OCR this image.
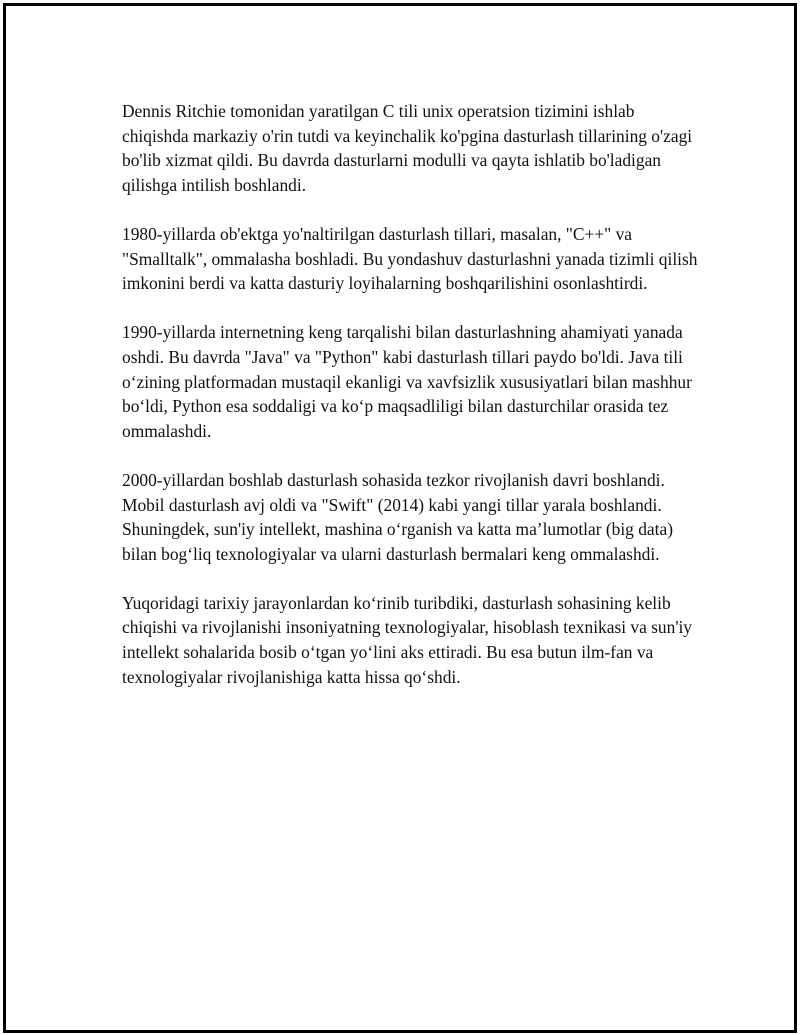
Dennis Ritchie tomonidan yaratilgan C tili unix operatsion tizimini ishlab chiqishda markaziy o'rin tutdi va keyinchalik ko'pgina dasturlash tillarining o'zagi bo'lib xizmat qildi. Bu davrda dasturlarni modulli va qayta ishlatib bo'ladigan qilishga intilish boshlandi.

1980-yillarda ob'ektga yo'naltirilgan dasturlash tillari, masalan, "C++" va "Smalltalk", ommalasha boshladi. Bu yondashuv dasturlashni yanada tizimli qilish imkonini berdi va katta dasturiy loyihalarning boshqarilishini osonlashtirdi.

1990-yillarda internetning keng tarqalishi bilan dasturlashning ahamiyati yanada oshdi. Bu davrda "Java" va "Python" kabi dasturlash tillari paydo bo'ldi. Java tili o‘zining platformadan mustaqil ekanligi va xavfsizlik xususiyatlari bilan mashhur bo‘ldi, Python esa soddaligi va ko‘p maqsadliligi bilan dasturchilar orasida tez ommalashdi.

2000-yillardan boshlab dasturlash sohasida tezkor rivojlanish davri boshlandi. Mobil dasturlash avj oldi va "Swift" (2014) kabi yangi tillar yarala boshlandi. Shuningdek, sun'iy intellekt, mashina o‘rganish va katta ma’lumotlar (big data) bilan bog‘liq texnologiyalar va ularni dasturlash bermalari keng ommalashdi.

Yuqoridagi tarixiy jarayonlardan ko‘rinib turibdiki, dasturlash sohasining kelib chiqishi va rivojlanishi insoniyatning texnologiyalar, hisoblash texnikasi va sun'iy intellekt sohalarida bosib o‘tgan yo‘lini aks ettiradi. Bu esa butun ilm-fan va texnologiyalar rivojlanishiga katta hissa qo‘shdi.
